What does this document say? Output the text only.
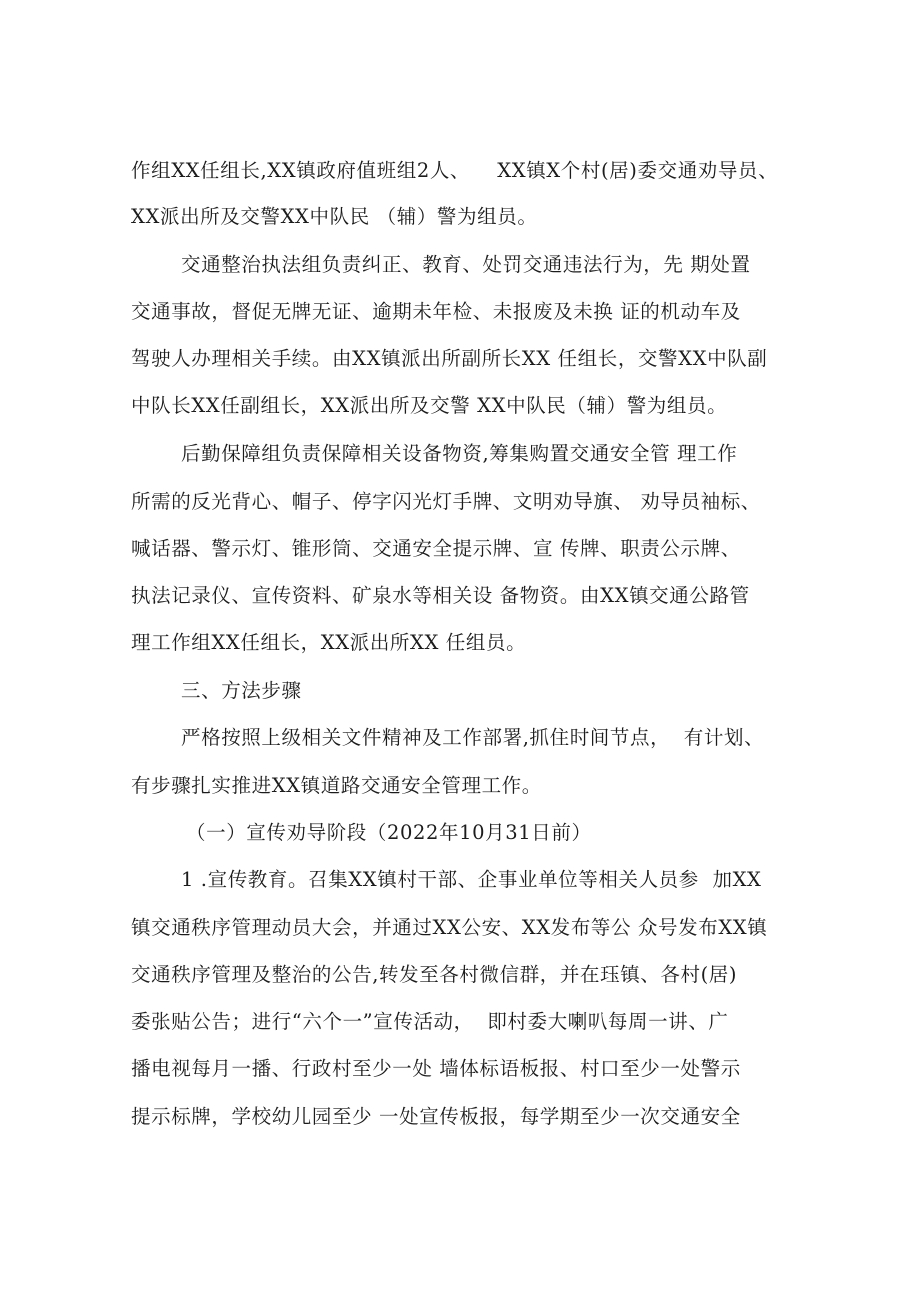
作组XX任组长,XX镇政府值班组2人、    XX镇X个村(居)委交通劝导员、
XX派出所及交警XX中队民 （辅）警为组员。
交通整治执法组负责纠正、教育、处罚交通违法行为，先 期处置
交通事故，督促无牌无证、逾期未年检、未报废及未换 证的机动车及
驾驶人办理相关手续。由XX镇派出所副所长XX 任组长，交警XX中队副
中队长XX任副组长，XX派出所及交警 XX中队民（辅）警为组员。
后勤保障组负责保障相关设备物资,筹集购置交通安全管 理工作
所需的反光背心、帽子、停字闪光灯手牌、文明劝导旗、 劝导员袖标、
喊话器、警示灯、锥形筒、交通安全提示牌、宣 传牌、职责公示牌、
执法记录仪、宣传资料、矿泉水等相关设 备物资。由XX镇交通公路管
理工作组XX任组长，XX派出所XX 任组员。
三、方法步骤
严格按照上级相关文件精神及工作部署,抓住时间节点，  有计划、
有步骤扎实推进XX镇道路交通安全管理工作。
（一）宣传劝导阶段（2022年10月31日前）
1 .宣传教育。召集XX镇村干部、企事业单位等相关人员参  加XX
镇交通秩序管理动员大会，并通过XX公安、XX发布等公 众号发布XX镇
交通秩序管理及整治的公告,转发至各村微信群，并在珏镇、各村(居)
委张贴公告；进行“六个一”宣传活动，  即村委大喇叭每周一讲、广
播电视每月一播、行政村至少一处 墙体标语板报、村口至少一处警示
提示标牌，学校幼儿园至少 一处宣传板报，每学期至少一次交通安全
